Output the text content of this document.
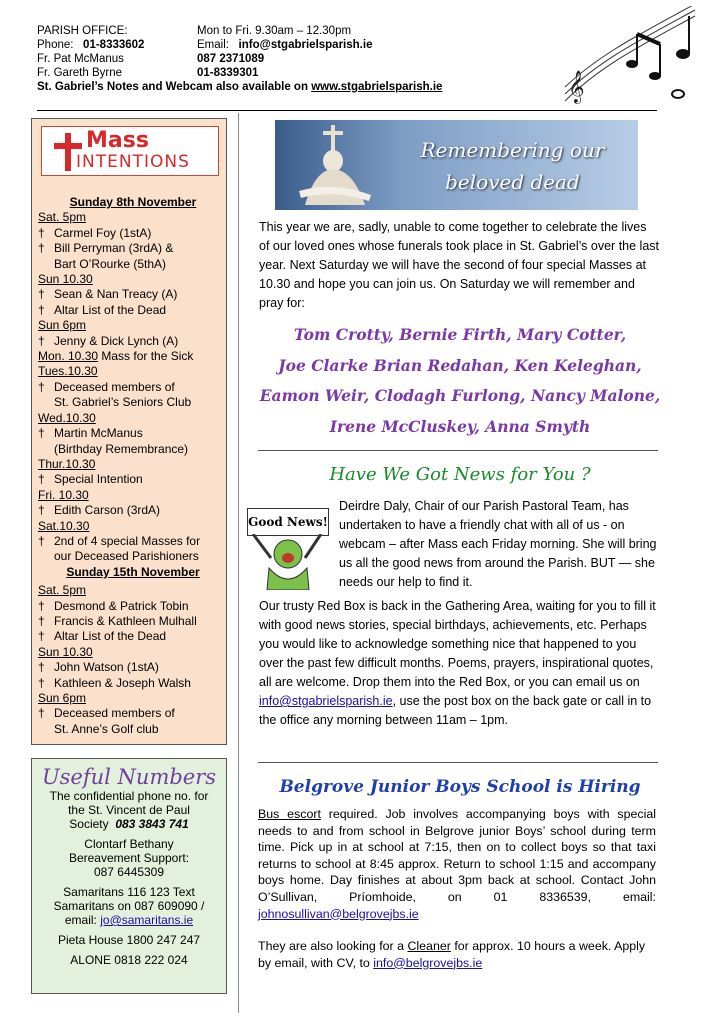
PARISH OFFICE:	Mon to Fri. 9.30am – 12.30pm
Phone: 01-8333602	Email: info@stgabrielsparish.ie
Fr. Pat McManus	087 2371089
Fr. Gareth Byrne	01-8339301
St. Gabriel’s Notes and Webcam also available on
www.stgabrielsparish.ie	𝄞
Mass
INTENTIONS
Sunday 8th November
Sat. 5pm
† Carmel Foy (1stA)
† Bill Perryman (3rdA) &
Bart O’Rourke (5thA)
Sun 10.30
† Sean & Nan Treacy (A)
† Altar List of the Dead
Sun 6pm
† Jenny & Dick Lynch (A)
Mon. 10.30 Mass for the Sick
Tues.10.30
† Deceased members of
St. Gabriel’s Seniors Club
Wed.10.30
† Martin McManus
(Birthday Remembrance)
Thur.10.30
† Special Intention
Fri. 10.30
† Edith Carson (3rdA)
Sat.10.30
† 2nd of 4 special Masses for
our Deceased Parishioners
Sunday 15th November
Sat. 5pm
† Desmond & Patrick Tobin
† Francis & Kathleen Mulhall
† Altar List of the Dead
Sun 10.30
† John Watson (1stA)
† Kathleen & Joseph Walsh
Sun 6pm
† Deceased members of
St. Anne’s Golf club
Useful Numbers
The confidential phone no. for
the St. Vincent de Paul
Society 083 3843 741
Clontarf Bethany
Bereavement Support:
087 6445309
Samaritans 116 123 Text
Samaritans on 087 609090 /
email: jo@samaritans.ie
Pieta House 1800 247 247
ALONE 0818 222 024
Remembering our
beloved dead
This year we are, sadly, unable to come together to celebrate the lives of our loved ones whose funerals took place in St. Gabriel’s over the last year. Next Saturday we will have the second of four special Masses at 10.30 and hope you can join us. On Saturday we will remember and pray for:
Tom Crotty, Bernie Firth, Mary Cotter,
Joe Clarke Brian Redahan, Ken Keleghan,
Eamon Weir, Clodagh Furlong, Nancy Malone,
Irene McCluskey, Anna Smyth
Have We Got News for You ?
Good News!
Deirdre Daly, Chair of our Parish Pastoral Team, has undertaken to have a friendly chat with all of us - on webcam – after Mass each Friday morning. She will bring us all the good news from around the Parish. BUT — she needs our help to find it.
Our trusty Red Box is back in the Gathering Area, waiting for you to fill it with good news stories, special birthdays, achievements, etc. Perhaps you would like to acknowledge something nice that happened to you over the past few difficult months. Poems, prayers, inspirational quotes, all are welcome. Drop them into the Red Box, or you can email us on info@stgabrielsparish.ie, use the post box on the back gate or call in to the office any morning between 11am – 1pm.
Belgrove Junior Boys School is Hiring
Bus escort required. Job involves accompanying boys with special needs to and from school in Belgrove junior Boys’ school during term time. Pick up in at school at 7:15, then on to collect boys so that taxi returns to school at 8:45 approx. Return to school 1:15 and accompany boys home. Day finishes at about 3pm back at school. Contact John O’Sullivan, Príomhoide, on 01 8336539, email: johnosullivan@belgrovejbs.ie
They are also looking for a Cleaner for approx. 10 hours a week. Apply by email, with CV, to info@belgrovejbs.ie
